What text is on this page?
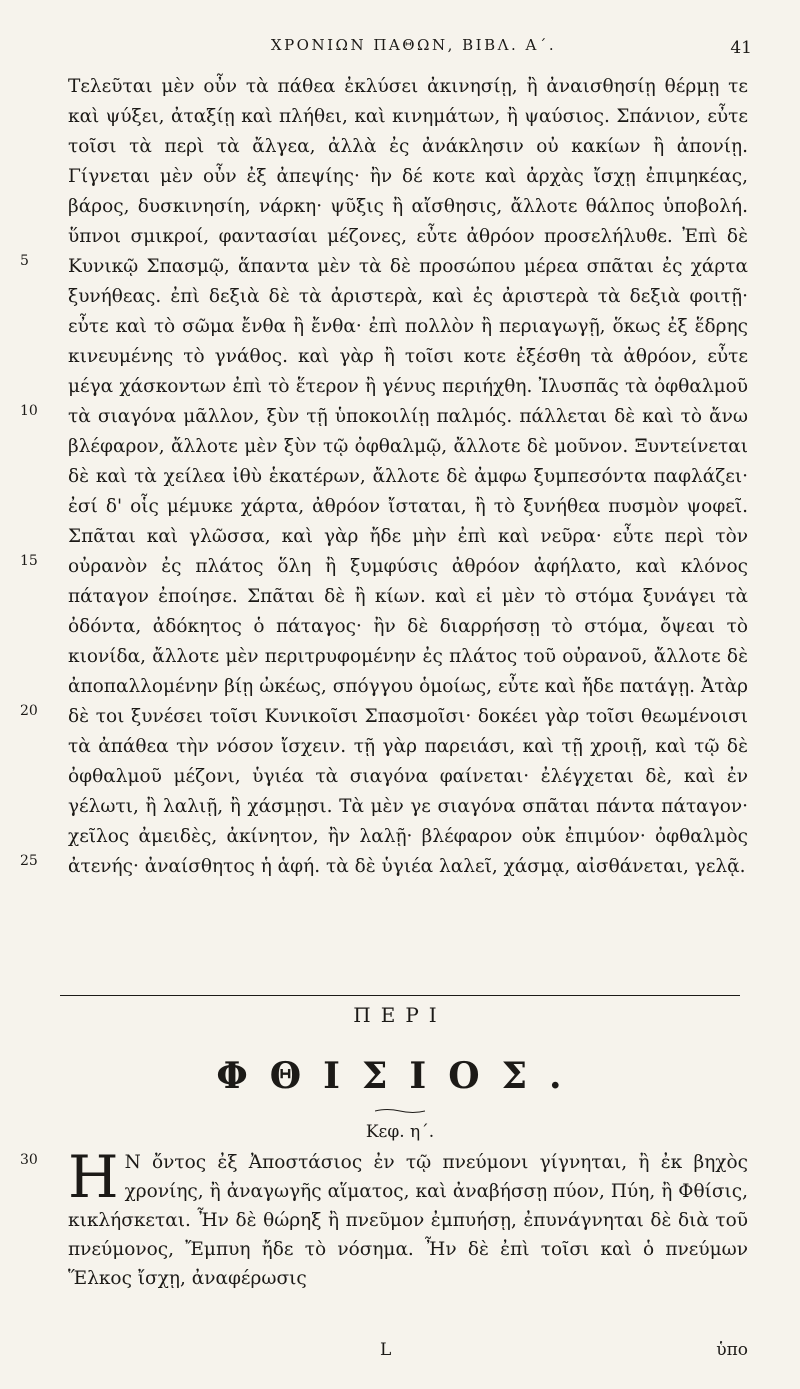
ΧΡΟΝΙΩΝ ΠΑΘΩΝ, ΒΙΒΛ. Α΄.	41
Τελεῦται μὲν οὖν τὰ πάθεα ἐκλύσει ἀκινησίῃ, ἢ ἀναισθησίῃ θέρμῃ τε καὶ ψύξει, ἀταξίῃ καὶ πλήθει, καὶ κινημάτων, ἢ ψαύσιος. Σπάνιον, εὖτε τοῖσι τὰ περὶ τὰ ἄλγεα, ἀλλὰ ἐς ἀνάκλησιν οὐ κακίων ἢ ἀπονίῃ. Γίγνεται μὲν οὖν ἐξ ἀπεψίης· ἢν δέ κοτε καὶ ἀρχὰς ἴσχῃ ἐπιμηκέας, βάρος, δυσκινησίη, νάρκη· ψῦξις ἢ αἴσθησις, ἄλλοτε θάλπος ὑποβολή. ὕπνοι σμικροί, φαντασίαι μέζονες, εὖτε ἀθρόον προσελήλυθε. Ἐπὶ δὲ Κυνικῷ Σπασμῷ, ἅπαντα μὲν τὰ δὲ προσώπου μέρεα σπᾶται ἐς χάρτα ξυνήθεας. ἐπὶ δεξιὰ δὲ τὰ ἀριστερὰ, καὶ ἐς ἀριστερὰ τὰ δεξιὰ φοιτῇ· εὖτε καὶ τὸ σῶμα ἔνθα ἢ ἔνθα· ἐπὶ πολλὸν ἢ περιαγωγῇ, ὅκως ἐξ ἕδρης κινευμένης τὸ γνάθος. καὶ γὰρ ἢ τοῖσι κοτε ἐξέσθη τὰ ἀθρόον, εὖτε μέγα χάσκοντων ἐπὶ τὸ ἕτερον ἢ γένυς περιήχθη. Ἰλυσπᾶς τὰ ὀφθαλμοῦ τὰ σιαγόνα μᾶλλον, ξὺν τῇ ὑποκοιλίῃ παλμός. πάλλεται δὲ καὶ τὸ ἄνω βλέφαρον, ἄλλοτε μὲν ξὺν τῷ ὀφθαλμῷ, ἄλλοτε δὲ μοῦνον. Ξυντείνεται δὲ καὶ τὰ χείλεα ἰθὺ ἑκατέρων, ἄλλοτε δὲ ἀμφω ξυμπεσόντα παφλάζει· ἐσί δ' οἷς μέμυκε χάρτα, ἀθρόον ἴσταται, ἢ τὸ ξυνήθεα πυσμὸν ψοφεῖ. Σπᾶται καὶ γλῶσσα, καὶ γὰρ ἤδε μὴν ἐπὶ καὶ νεῦρα· εὖτε περὶ τὸν οὐρανὸν ἐς πλάτος ὅλη ἢ ξυμφύσις ἀθρόον ἀφήλατο, καὶ κλόνος πάταγον ἐποίησε. Σπᾶται δὲ ἢ κίων. καὶ εἰ μὲν τὸ στόμα ξυνάγει τὰ ὀδόντα, ἀδόκητος ὁ πάταγος· ἢν δὲ διαρρήσσῃ τὸ στόμα, ὄψεαι τὸ κιονίδα, ἄλλοτε μὲν περιτρυφομένην ἐς πλάτος τοῦ οὐρανοῦ, ἄλλοτε δὲ ἀποπαλλομένην βίῃ ὠκέως, σπόγγου ὁμοίως, εὖτε καὶ ἤδε πατάγῃ. Ἀτὰρ δὲ τοι ξυνέσει τοῖσι Κυνικοῖσι Σπασμοῖσι· δοκέει γὰρ τοῖσι θεωμένοισι τὰ ἀπάθεα τὴν νόσον ἴσχειν. τῇ γὰρ παρειάσι, καὶ τῇ χροιῇ, καὶ τῷ δὲ ὀφθαλμοῦ μέζονι, ὑγιέα τὰ σιαγόνα φαίνεται· ἐλέγχεται δὲ, καὶ ἐν γέλωτι, ἢ λαλιῇ, ἢ χάσμῃσι. Τὰ μὲν γε σιαγόνα σπᾶται πάντα πάταγον· χεῖλος ἀμειδὲς, ἀκίνητον, ἢν λαλῇ· βλέφαρον οὐκ ἐπιμύον· ὀφθαλμὸς ἀτενής· ἀναίσθητος ἡ ἁφή. τὰ δὲ ὑγιέα λαλεῖ, χάσμᾳ, αἰσθάνεται, γελᾷ.
5
10
15
20
25
30
ΠΕΡΙ
ΦΘΙΣΙΟΣ.
Κεφ. η΄.
Η Ν ὄντος ἐξ Ἀποστάσιος ἐν τῷ πνεύμονι γίγνηται, ἢ ἐκ βηχὸς χρονίης, ἢ ἀναγωγῆς αἵματος, καὶ ἀναβήσσῃ πύον, Πύη, ἢ Φθίσις, κικλήσκεται. Ἦν δὲ θώρηξ ἢ πνεῦμον ἐμπυήσῃ, ἐπυνάγνηται δὲ διὰ τοῦ πνεύμονος, Ἔμπυη ἤδε τὸ νόσημα. Ἦν δὲ ἐπὶ τοῖσι καὶ ὁ πνεύμων Ἕλκος ἴσχῃ, ἀναφέρωσις
L	ὑπο
